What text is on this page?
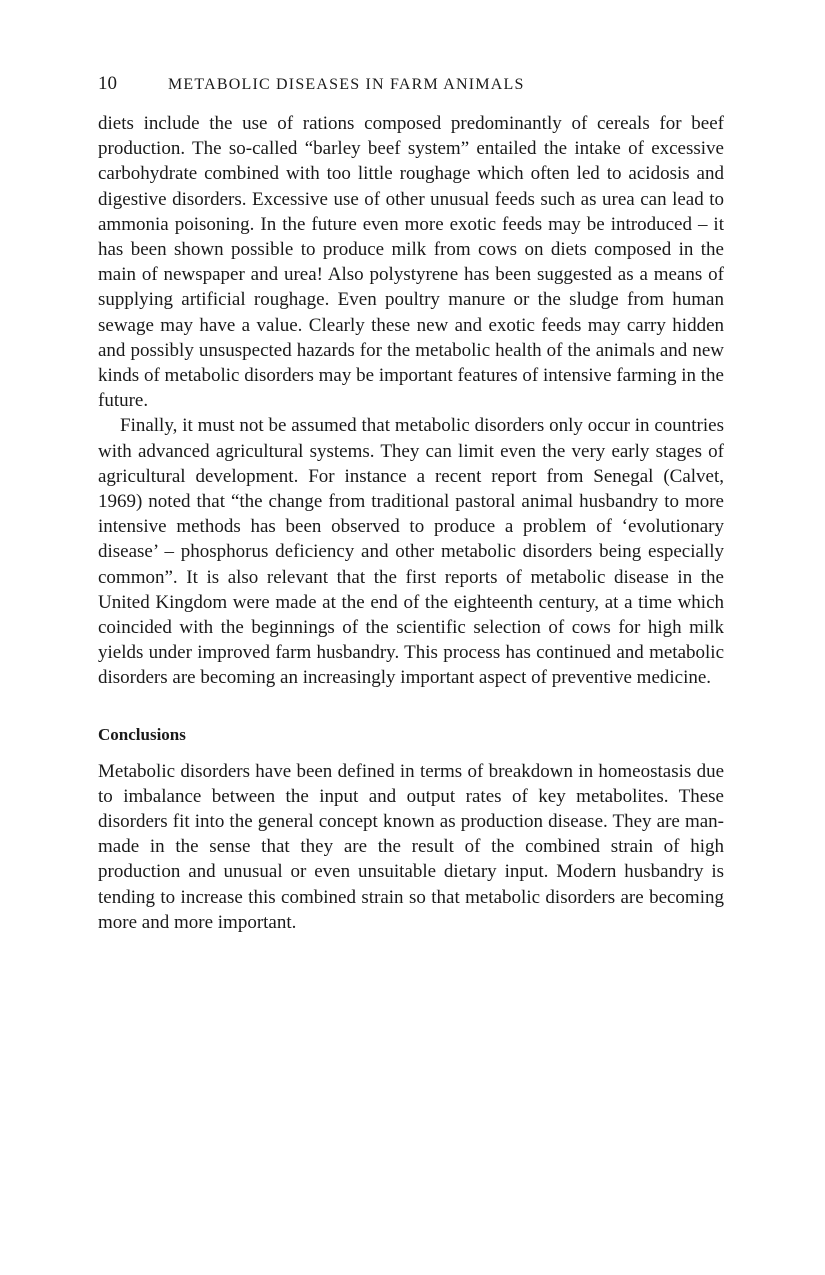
10	METABOLIC DISEASES IN FARM ANIMALS

diets include the use of rations composed predominantly of cereals for beef production. The so-called “barley beef system” entailed the intake of excessive carbohydrate combined with too little roughage which often led to acidosis and digestive disorders. Excessive use of other unusual feeds such as urea can lead to ammonia poisoning. In the future even more exotic feeds may be introduced – it has been shown possible to produce milk from cows on diets composed in the main of newspaper and urea! Also polystyrene has been suggested as a means of supplying artificial roughage. Even poultry manure or the sludge from human sewage may have a value. Clearly these new and exotic feeds may carry hidden and possibly unsuspected hazards for the metabolic health of the animals and new kinds of metabolic disorders may be important features of intensive farming in the future.

Finally, it must not be assumed that metabolic disorders only occur in countries with advanced agricultural systems. They can limit even the very early stages of agricultural development. For instance a recent report from Senegal (Calvet, 1969) noted that “the change from traditional pastoral animal husbandry to more intensive methods has been observed to produce a problem of ‘evolutionary disease’ – phosphorus deficiency and other metabolic disorders being especially common”. It is also relevant that the first reports of metabolic disease in the United Kingdom were made at the end of the eighteenth century, at a time which coincided with the beginnings of the scientific selection of cows for high milk yields under improved farm husbandry. This process has continued and metabolic disorders are becoming an increasingly important aspect of preventive medicine.

Conclusions

Metabolic disorders have been defined in terms of breakdown in homeostasis due to imbalance between the input and output rates of key metabolites. These disorders fit into the general concept known as production disease. They are man-made in the sense that they are the result of the combined strain of high production and unusual or even unsuitable dietary input. Modern husbandry is tending to increase this combined strain so that metabolic disorders are becoming more and more important.
